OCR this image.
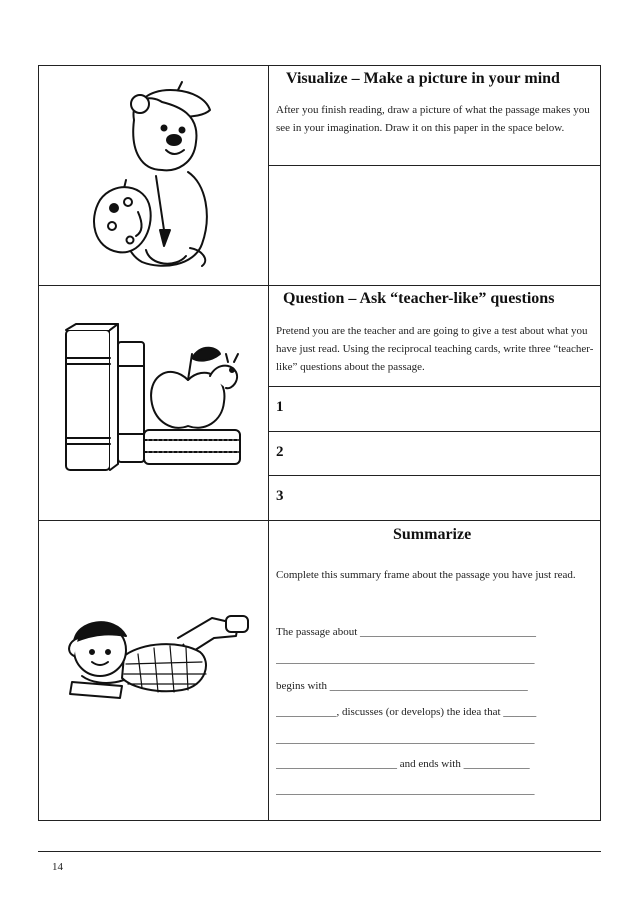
Visualize – Make a picture in your mind
After you finish reading, draw a picture of what the passage makes you see in your imagination. Draw it on this paper in the space below.
Question – Ask “teacher-like” questions
Pretend you are the teacher and are going to give a test about what you have just read. Using the reciprocal teaching cards, write three “teacher-like” questions about the passage.
1
2
3
Summarize
Complete this summary frame about the passage you have just read.
The passage about ________________________________
_______________________________________________
begins with ____________________________________
___________, discusses (or develops) the idea that ______
_______________________________________________
______________________ and ends with ____________
_______________________________________________
14
